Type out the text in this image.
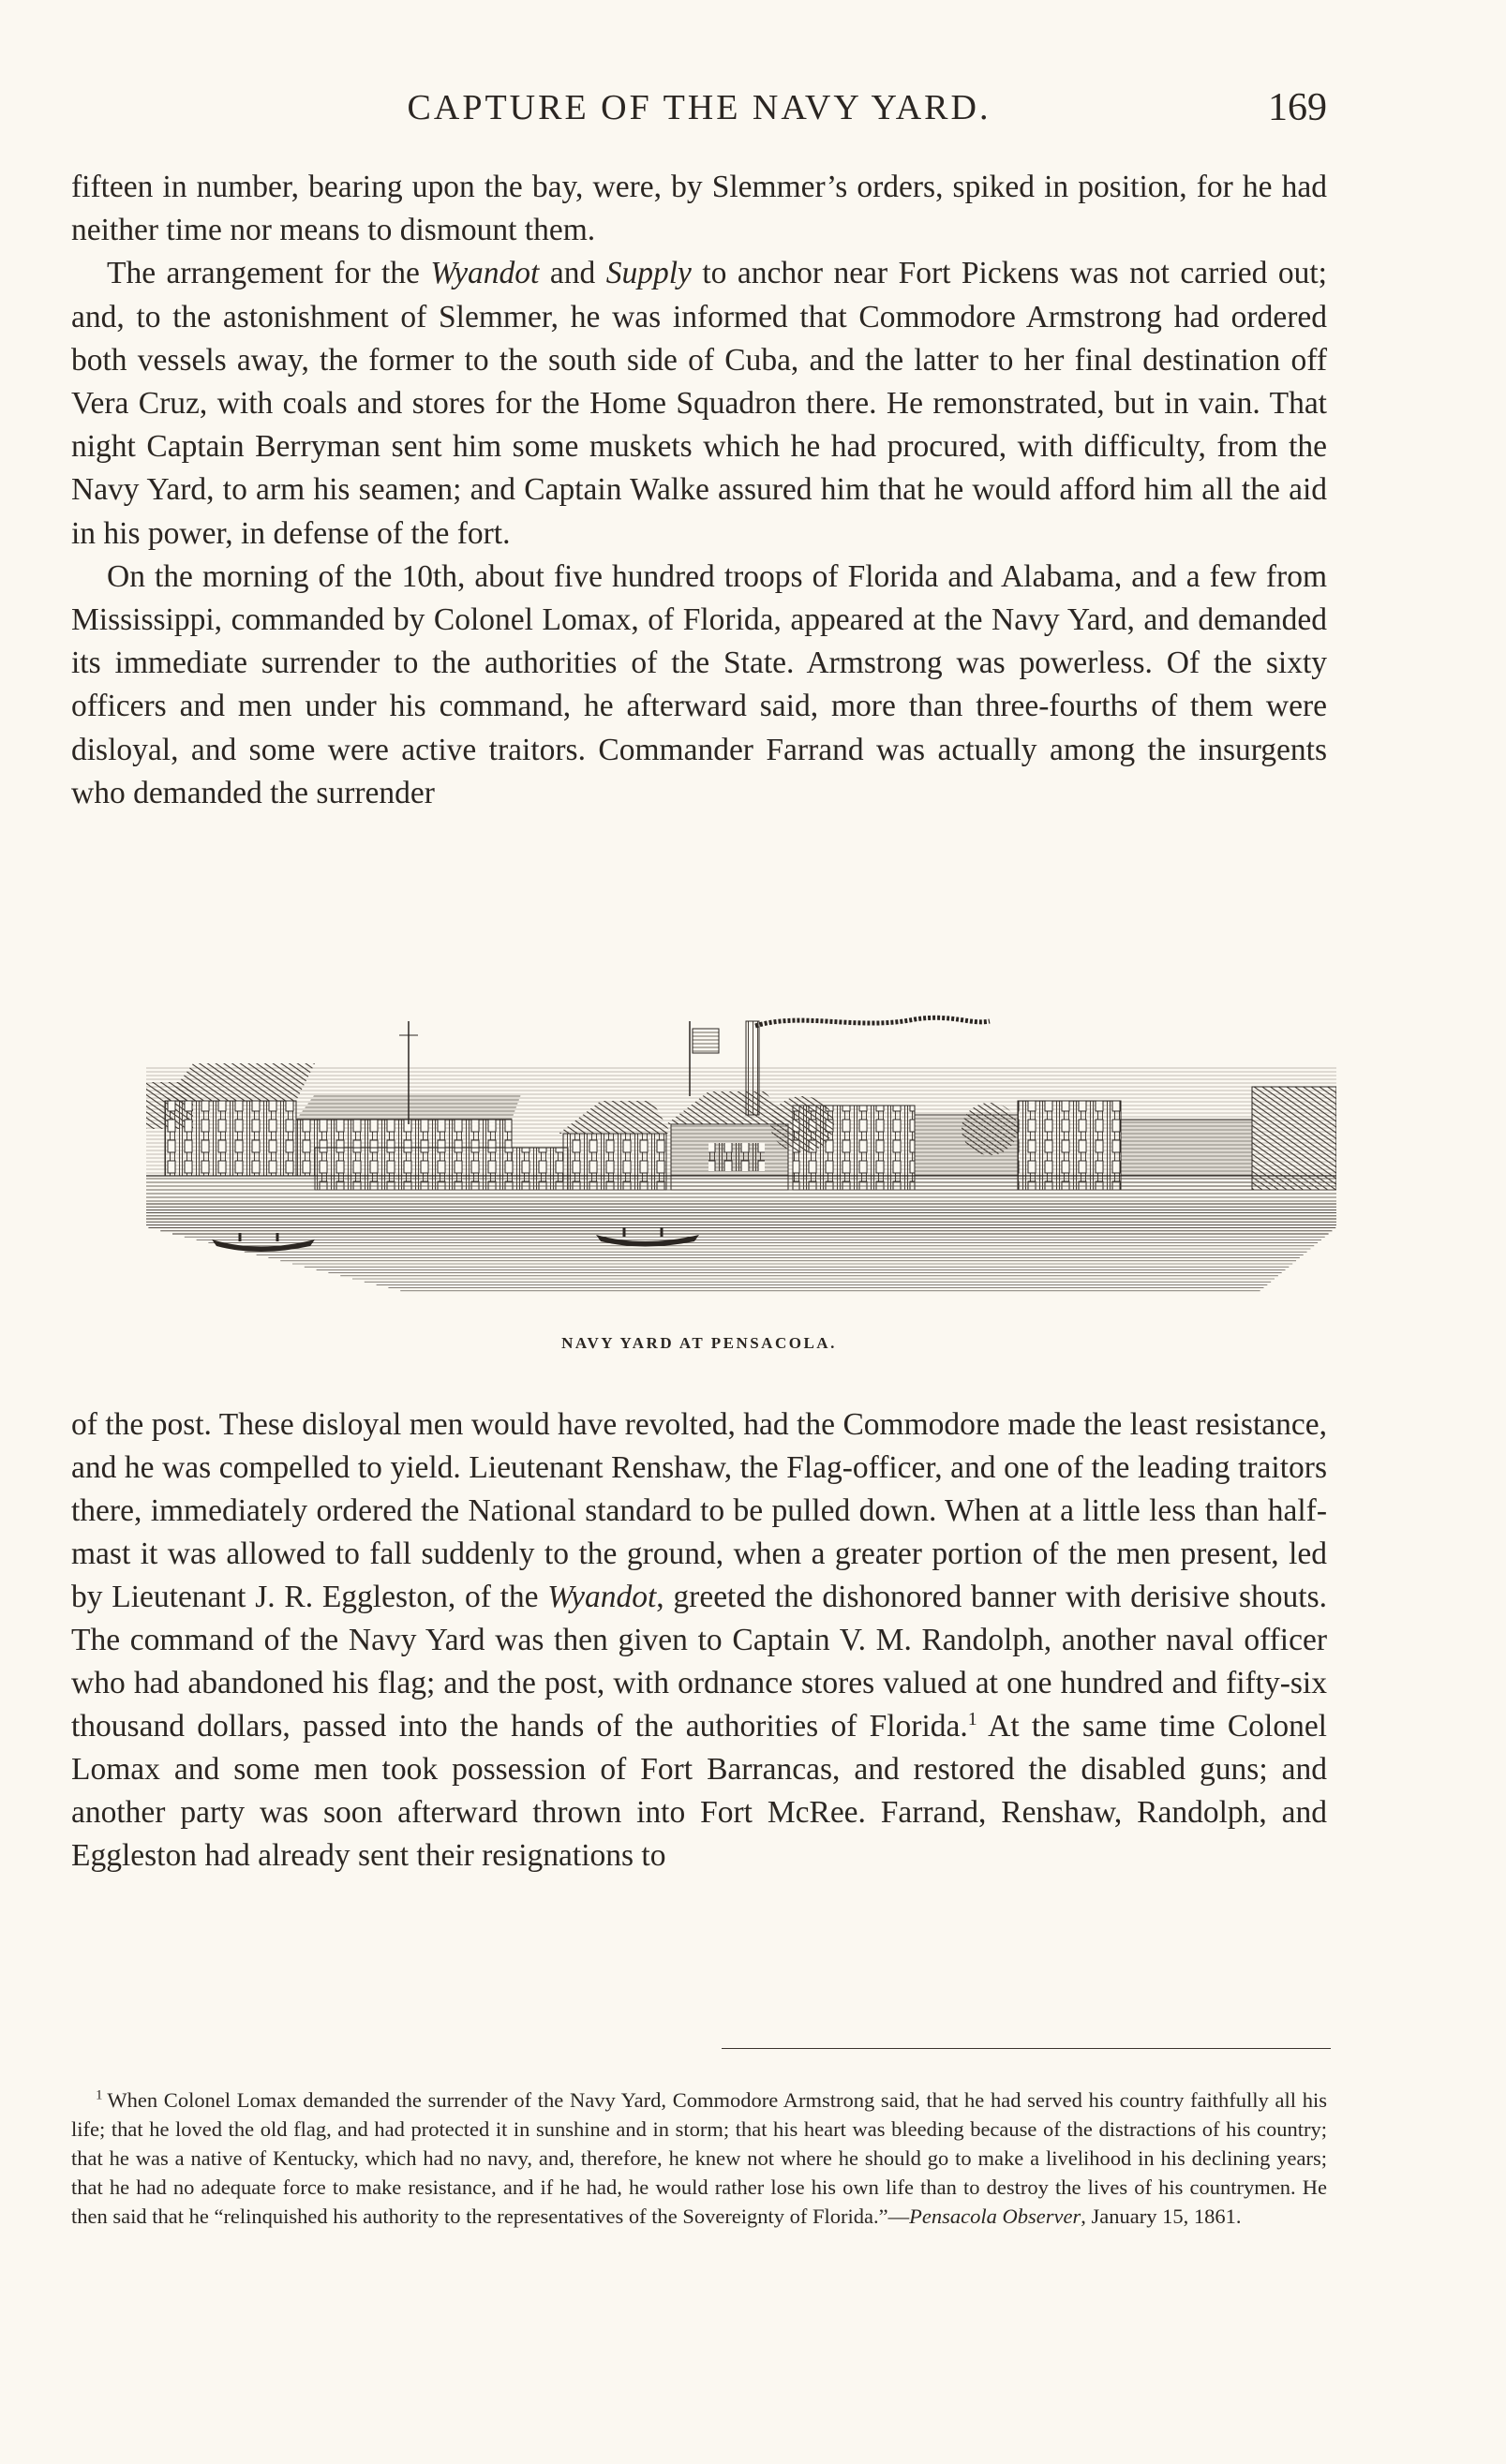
CAPTURE OF THE NAVY YARD.	169

fifteen in number, bearing upon the bay, were, by Slemmer’s orders, spiked in position, for he had neither time nor means to dismount them.

The arrangement for the Wyandot and Supply to anchor near Fort Pickens was not carried out; and, to the astonishment of Slemmer, he was informed that Commodore Armstrong had ordered both vessels away, the former to the south side of Cuba, and the latter to her final destination off Vera Cruz, with coals and stores for the Home Squadron there. He remonstrated, but in vain. That night Captain Berryman sent him some muskets which he had procured, with difficulty, from the Navy Yard, to arm his seamen; and Captain Walke assured him that he would afford him all the aid in his power, in defense of the fort.

On the morning of the 10th, about five hundred troops of Florida and Alabama, and a few from Mississippi, commanded by Colonel Lomax, of Florida, appeared at the Navy Yard, and demanded its immediate surrender to the authorities of the State. Armstrong was powerless. Of the sixty officers and men under his command, he afterward said, more than three-fourths of them were disloyal, and some were active traitors. Commander Farrand was actually among the insurgents who demanded the surrender

NAVY YARD AT PENSACOLA.

of the post. These disloyal men would have revolted, had the Commodore made the least resistance, and he was compelled to yield. Lieutenant Renshaw, the Flag-officer, and one of the leading traitors there, immediately ordered the National standard to be pulled down. When at a little less than half-mast it was allowed to fall suddenly to the ground, when a greater portion of the men present, led by Lieutenant J. R. Eggleston, of the Wyandot, greeted the dishonored banner with derisive shouts. The command of the Navy Yard was then given to Captain V. M. Randolph, another naval officer who had abandoned his flag; and the post, with ordnance stores valued at one hundred and fifty-six thousand dollars, passed into the hands of the authorities of Florida.$^1$ At the same time Colonel Lomax and some men took possession of Fort Barrancas, and restored the disabled guns; and another party was soon afterward thrown into Fort McRee. Farrand, Renshaw, Randolph, and Eggleston had already sent their resignations to

$^1$ When Colonel Lomax demanded the surrender of the Navy Yard, Commodore Armstrong said, that he had served his country faithfully all his life; that he loved the old flag, and had protected it in sunshine and in storm; that his heart was bleeding because of the distractions of his country; that he was a native of Kentucky, which had no navy, and, therefore, he knew not where he should go to make a livelihood in his declining years; that he had no adequate force to make resistance, and if he had, he would rather lose his own life than to destroy the lives of his countrymen. He then said that he “relinquished his authority to the representatives of the Sovereignty of Florida.”—Pensacola Observer, January 15, 1861.
